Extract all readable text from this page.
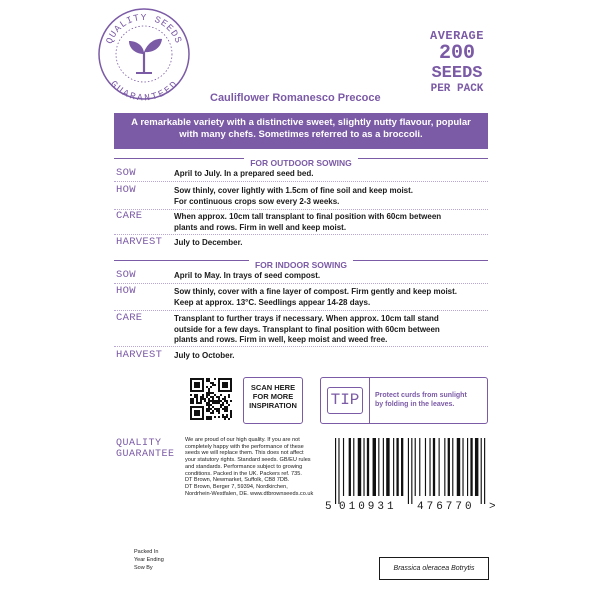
QUALITY SEEDS
GUARANTEED
AVERAGE
200
SEEDS
PER PACK
Cauliflower Romanesco Precoce
A remarkable variety with a distinctive sweet, slightly nutty flavour, popular with many chefs. Sometimes referred to as a broccoli.
FOR OUTDOOR SOWING
SOW	April to July. In a prepared seed bed.
HOW	Sow thinly, cover lightly with 1.5cm of fine soil and keep moist.
For continuous crops sow every 2-3 weeks.
CARE	When approx. 10cm tall transplant to final position with 60cm between
plants and rows. Firm in well and keep moist.
HARVEST July to December.
FOR INDOOR SOWING
SOW	April to May. In trays of seed compost.
HOW	Sow thinly, cover with a fine layer of compost. Firm gently and keep moist.
Keep at approx. 13°C. Seedlings appear 14-28 days.
CARE	Transplant to further trays if necessary. When approx. 10cm tall stand
outside for a few days. Transplant to final position with 60cm between
plants and rows. Firm in well, keep moist and weed free.
HARVEST July to October.
SCAN HERE
FOR MORE
INSPIRATION	TIP	Protect curds from sunlight
by folding in the leaves.
QUALITY
GUARANTEE
We are proud of our high quality. If you are not
completely happy with the performance of these
seeds we will replace them. This does not affect
your statutory rights. Standard seeds. GB/EU rules
and standards. Performance subject to growing
conditions. Packed in the UK. Packers ref. 735.
DT Brown, Newmarket, Suffolk, CB8 7DB.
DT Brown, Berger 7, 59394, Nordkirchen,
Nordrhein-Westfalen, DE. www.dtbrownseeds.co.uk
5 010931 476770 >
Packed In
Year Ending
Sow By	Brassica oleracea Botrytis
